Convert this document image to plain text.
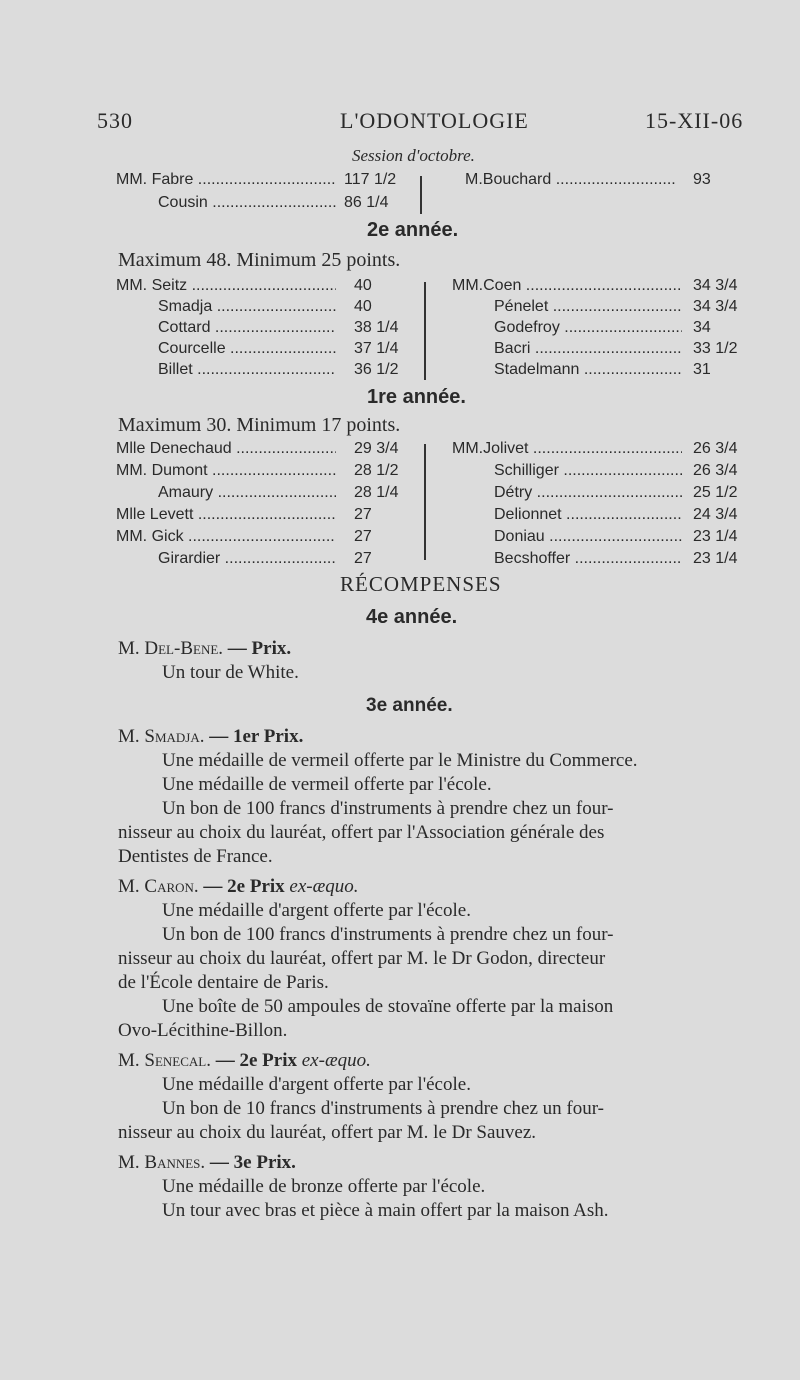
530	L'ODONTOLOGIE	15-XII-06
Session d'octobre.
MM. Fabre .....	117 1/2
Cousin .....	86 1/4
M.Bouchard .....	93
2e année.
Maximum 48. Minimum 25 points.
MM. Seitz .....	40
Smadja .....	40
Cottard .....	38 1/4
Courcelle .....	37 1/4
Billet .....	36 1/2
MM.Coen .....	34 3/4
Pénelet .....	34 3/4
Godefroy .....	34
Bacri .....	33 1/2
Stadelmann .....	31
1re année.
Maximum 30. Minimum 17 points.
Mlle Denechaud .....	29 3/4
MM. Dumont .....	28 1/2
Amaury .....	28 1/4
Mlle Levett .....	27
MM. Gick .....	27
Girardier .....	27
MM.Jolivet .....	26 3/4
Schilliger .....	26 3/4
Détry .....	25 1/2
Delionnet .....	24 3/4
Doniau .....	23 1/4
Becshoffer .....	23 1/4
RÉCOMPENSES
4e année.
M. Del-Bene. — Prix.
Un tour de White.
3e année.
M. Smadja. — 1er Prix.
Une médaille de vermeil offerte par le Ministre du Commerce.
Une médaille de vermeil offerte par l'école.
Un bon de 100 francs d'instruments à prendre chez un four-
nisseur au choix du lauréat, offert par l'Association générale des
Dentistes de France.
M. Caron. — 2e Prix ex-æquo.
Une médaille d'argent offerte par l'école.
Un bon de 100 francs d'instruments à prendre chez un four-
nisseur au choix du lauréat, offert par M. le Dr Godon, directeur
de l'École dentaire de Paris.
Une boîte de 50 ampoules de stovaïne offerte par la maison
Ovo-Lécithine-Billon.
M. Senecal. — 2e Prix ex-æquo.
Une médaille d'argent offerte par l'école.
Un bon de 10 francs d'instruments à prendre chez un four-
nisseur au choix du lauréat, offert par M. le Dr Sauvez.
M. Bannes. — 3e Prix.
Une médaille de bronze offerte par l'école.
Un tour avec bras et pièce à main offert par la maison Ash.
